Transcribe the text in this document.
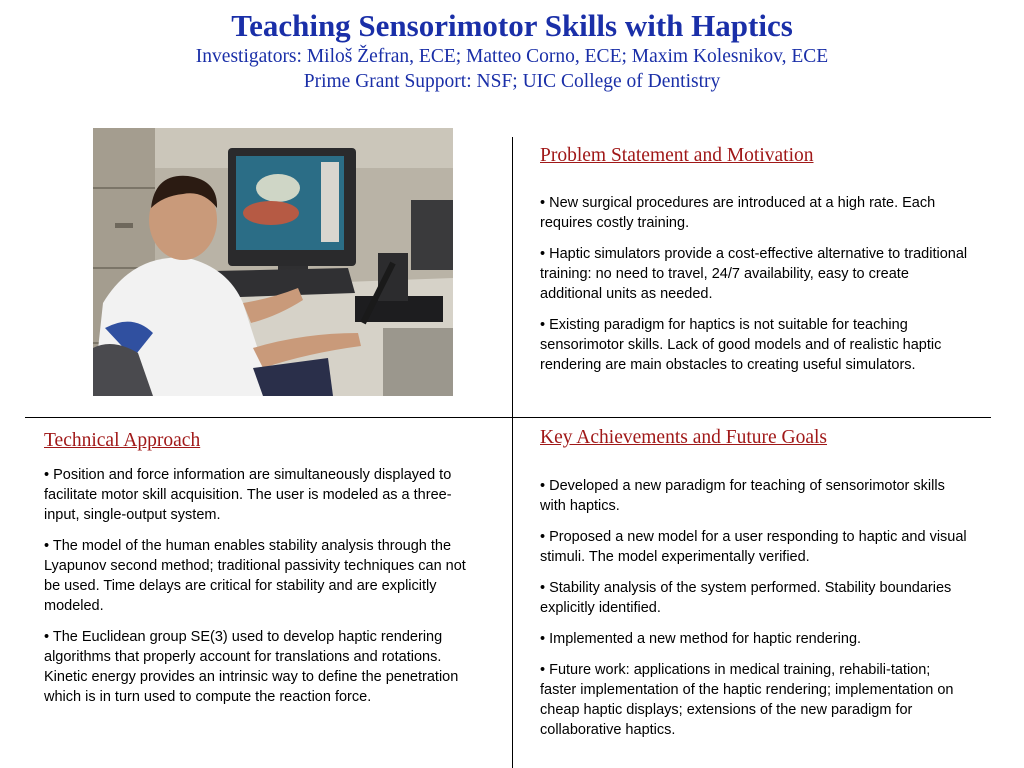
Teaching Sensorimotor Skills with Haptics
Investigators: Miloš Žefran, ECE; Matteo Corno, ECE; Maxim Kolesnikov, ECE
Prime Grant Support: NSF; UIC College of Dentistry
Problem Statement and Motivation

• New surgical procedures are introduced at a high rate. Each requires costly training.

• Haptic simulators provide a cost-effective alternative to traditional training: no need to travel, 24/7 availability, easy to create additional units as needed.

• Existing paradigm for haptics is not suitable for teaching sensorimotor skills. Lack of good models and of realistic haptic rendering are main obstacles to creating useful simulators.

Technical Approach

• Position and force information are simultaneously displayed to facilitate motor skill acquisition. The user is modeled as a three-input, single-output system.

• The model of the human enables stability analysis through the Lyapunov second method; traditional passivity techniques can not be used. Time delays are critical for stability and are explicitly modeled.

• The Euclidean group SE(3) used to develop haptic rendering algorithms that properly account for translations and rotations. Kinetic energy provides an intrinsic way to define the penetration which is in turn used to compute the reaction force.

Key Achievements and Future Goals

• Developed a new paradigm for teaching of sensorimotor skills with haptics.

• Proposed a new model for a user responding to haptic and visual stimuli. The model experimentally verified.

• Stability analysis of the system performed. Stability boundaries explicitly identified.

• Implemented a new method for haptic rendering.

• Future work: applications in medical training, rehabili-tation; faster implementation of the haptic rendering; implementation on cheap haptic displays; extensions of the new paradigm for collaborative haptics.
